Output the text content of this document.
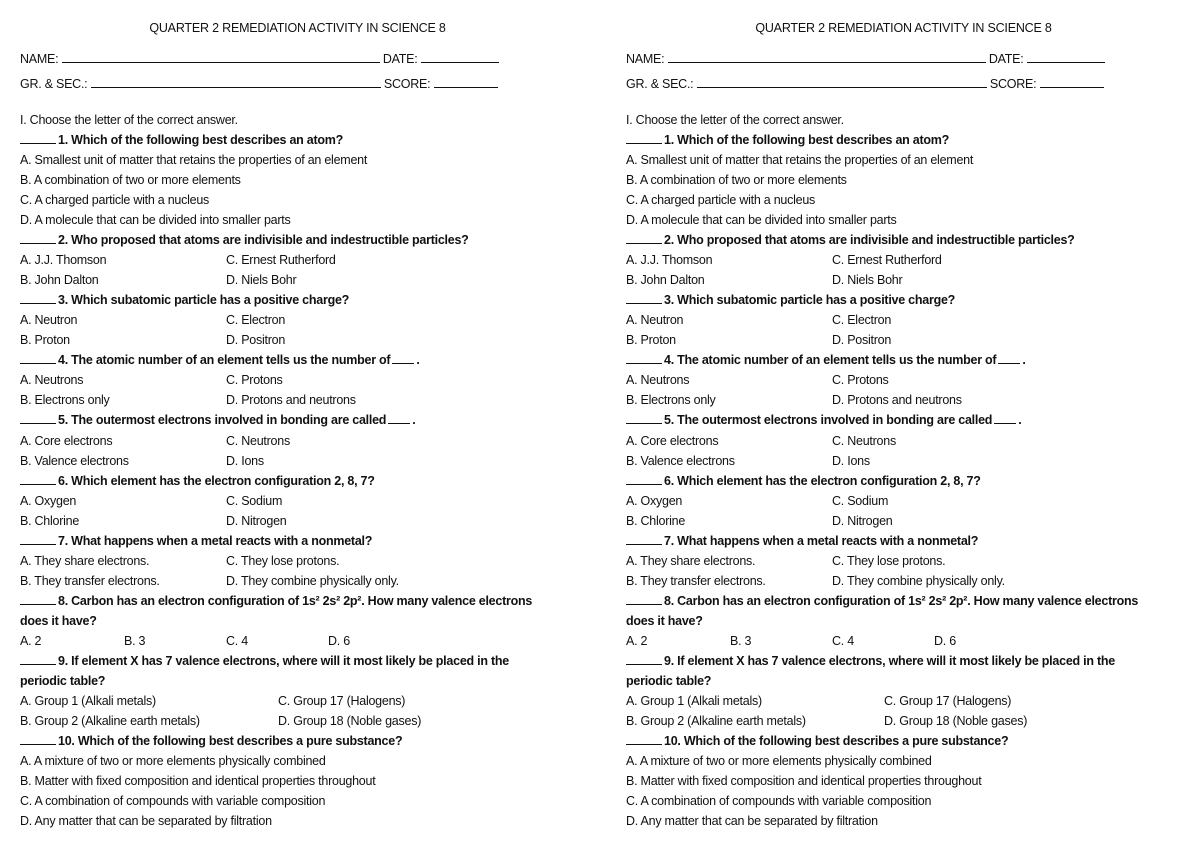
QUARTER 2 REMEDIATION ACTIVITY IN SCIENCE 8
NAME:	DATE:
GR. & SEC.:	SCORE:
I. Choose the letter of the correct answer.
1. Which of the following best describes an atom?
A. Smallest unit of matter that retains the properties of an element
B. A combination of two or more elements
C. A charged particle with a nucleus
D. A molecule that can be divided into smaller parts
2. Who proposed that atoms are indivisible and indestructible particles?
A. J.J. Thomson	C. Ernest Rutherford
B. John Dalton	D. Niels Bohr
3. Which subatomic particle has a positive charge?
A. Neutron	C. Electron
B. Proton	D. Positron
4. The atomic number of an element tells us the number of .
A. Neutrons	C. Protons
B. Electrons only	D. Protons and neutrons
5. The outermost electrons involved in bonding are called .
A. Core electrons	C. Neutrons
B. Valence electrons	D. Ions
6. Which element has the electron configuration 2, 8, 7?
A. Oxygen	C. Sodium
B. Chlorine	D. Nitrogen
7. What happens when a metal reacts with a nonmetal?
A. They share electrons.	C. They lose protons.
B. They transfer electrons.	D. They combine physically only.
8. Carbon has an electron configuration of 1s² 2s² 2p². How many valence electrons
does it have?
A. 2	B. 3	C. 4	D. 6
9. If element X has 7 valence electrons, where will it most likely be placed in the
periodic table?
A. Group 1 (Alkali metals)	C. Group 17 (Halogens)
B. Group 2 (Alkaline earth metals)	D. Group 18 (Noble gases)
10. Which of the following best describes a pure substance?
A. A mixture of two or more elements physically combined
B. Matter with fixed composition and identical properties throughout
C. A combination of compounds with variable composition
D. Any matter that can be separated by filtration
QUARTER 2 REMEDIATION ACTIVITY IN SCIENCE 8
NAME:	DATE:
GR. & SEC.:	SCORE:
I. Choose the letter of the correct answer.
1. Which of the following best describes an atom?
A. Smallest unit of matter that retains the properties of an element
B. A combination of two or more elements
C. A charged particle with a nucleus
D. A molecule that can be divided into smaller parts
2. Who proposed that atoms are indivisible and indestructible particles?
A. J.J. Thomson	C. Ernest Rutherford
B. John Dalton	D. Niels Bohr
3. Which subatomic particle has a positive charge?
A. Neutron	C. Electron
B. Proton	D. Positron
4. The atomic number of an element tells us the number of .
A. Neutrons	C. Protons
B. Electrons only	D. Protons and neutrons
5. The outermost electrons involved in bonding are called .
A. Core electrons	C. Neutrons
B. Valence electrons	D. Ions
6. Which element has the electron configuration 2, 8, 7?
A. Oxygen	C. Sodium
B. Chlorine	D. Nitrogen
7. What happens when a metal reacts with a nonmetal?
A. They share electrons.	C. They lose protons.
B. They transfer electrons.	D. They combine physically only.
8. Carbon has an electron configuration of 1s² 2s² 2p². How many valence electrons
does it have?
A. 2	B. 3	C. 4	D. 6
9. If element X has 7 valence electrons, where will it most likely be placed in the
periodic table?
A. Group 1 (Alkali metals)	C. Group 17 (Halogens)
B. Group 2 (Alkaline earth metals)	D. Group 18 (Noble gases)
10. Which of the following best describes a pure substance?
A. A mixture of two or more elements physically combined
B. Matter with fixed composition and identical properties throughout
C. A combination of compounds with variable composition
D. Any matter that can be separated by filtration
